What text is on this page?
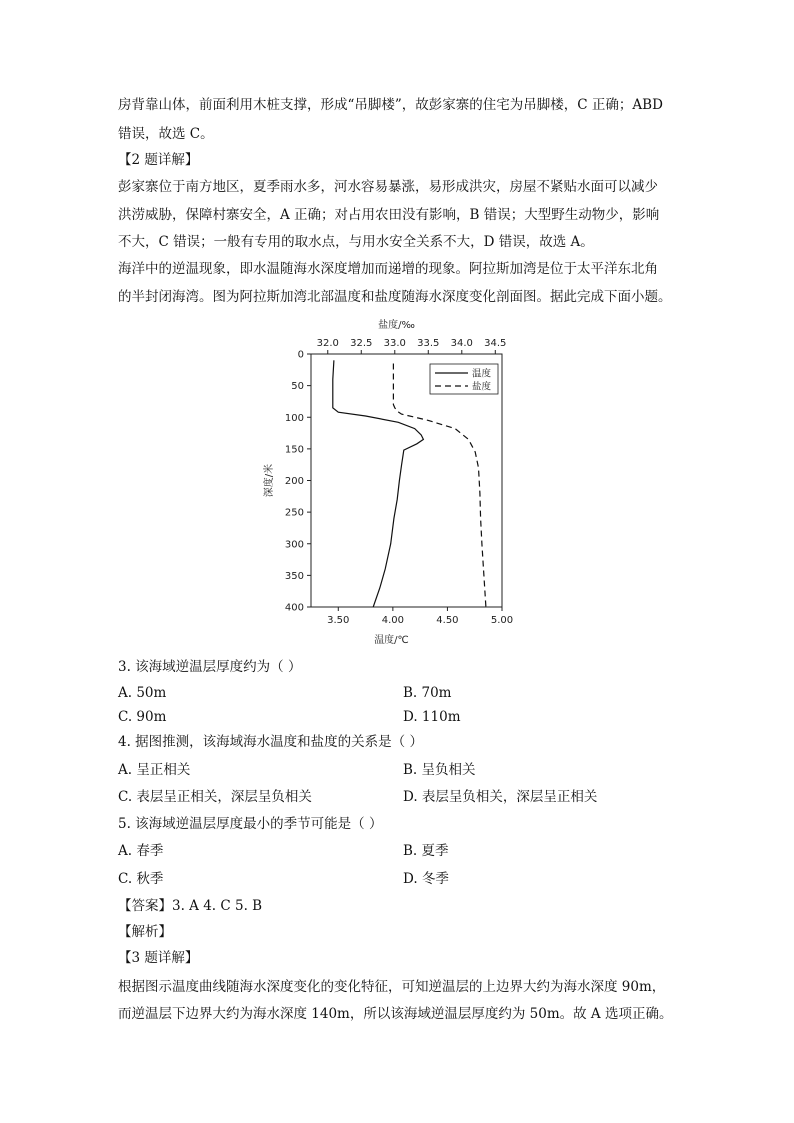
房背靠山体，前面利用木桩支撑，形成“吊脚楼”，故彭家寨的住宅为吊脚楼，C 正确；ABD
错误，故选 C。
【2 题详解】
彭家寨位于南方地区，夏季雨水多，河水容易暴涨，易形成洪灾，房屋不紧贴水面可以减少
洪涝威胁，保障村寨安全，A 正确；对占用农田没有影响，B 错误；大型野生动物少，影响
不大，C 错误；一般有专用的取水点，与用水安全关系不大，D 错误，故选 A。
海洋中的逆温现象，即水温随海水深度增加而递增的现象。阿拉斯加湾是位于太平洋东北角
的半封闭海湾。图为阿拉斯加湾北部温度和盐度随海水深度变化剖面图。据此完成下面小题。
32.0 32.5 33.0 33.5 34.0 34.5
盐度/‰
3.50	4.00	4.50	5.00
温度/℃
0
50
100
150
200
250
300
350
400
深度/米
温度
盐度
3. 该海域逆温层厚度约为（ ）
A. 50m	B. 70m
C. 90m	D. 110m
4. 据图推测，该海域海水温度和盐度的关系是（ ）
A. 呈正相关	B. 呈负相关
C. 表层呈正相关，深层呈负相关	D. 表层呈负相关，深层呈正相关
5. 该海域逆温层厚度最小的季节可能是（ ）
A. 春季	B. 夏季
C. 秋季	D. 冬季
【答案】3. A 4. C 5. B
【解析】
【3 题详解】
根据图示温度曲线随海水深度变化的变化特征，可知逆温层的上边界大约为海水深度 90m，
而逆温层下边界大约为海水深度 140m，所以该海域逆温层厚度约为 50m。故 A 选项正确。
